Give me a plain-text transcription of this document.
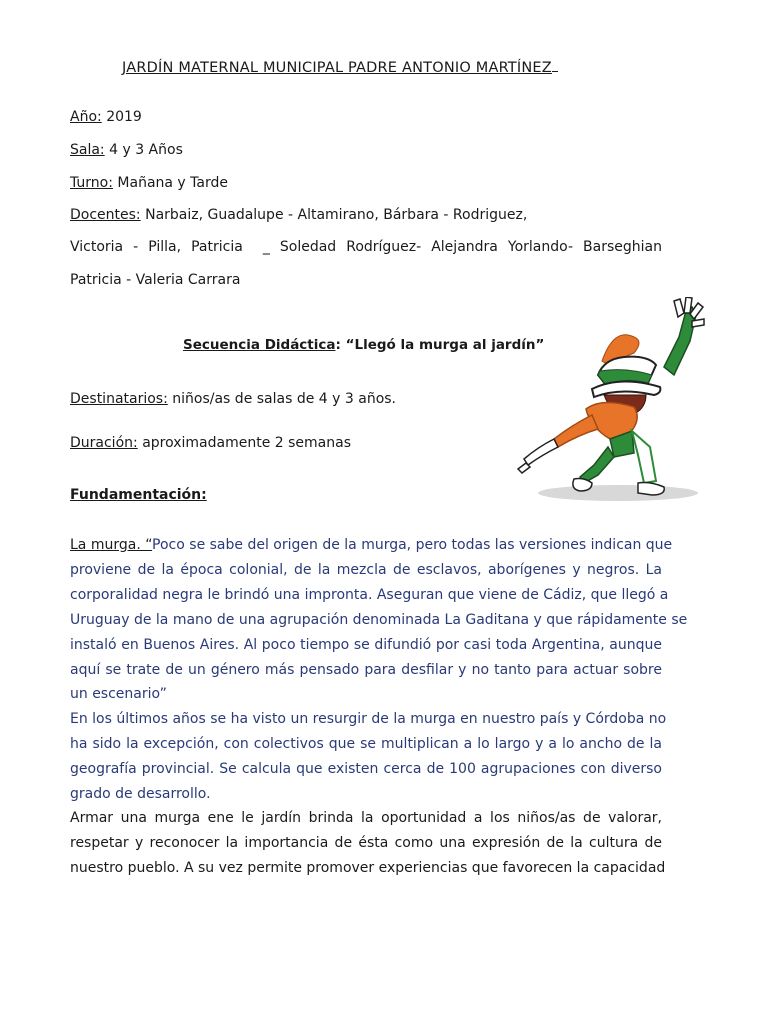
JARDÍN MATERNAL MUNICIPAL PADRE ANTONIO MARTÍNEZ
Año: 2019
Sala: 4 y 3 Años
Turno: Mañana y Tarde
Docentes: Narbaiz, Guadalupe - Altamirano, Bárbara - Rodriguez,
Victoria - Pilla, Patricia  _ Soledad Rodríguez- Alejandra Yorlando- Barseghian
Patricia - Valeria Carrara
Secuencia Didáctica: “Llegó la murga al jardín”
Destinatarios: niños/as de salas de 4 y 3 años.
Duración: aproximadamente 2 semanas
Fundamentación:
La murga. “Poco se sabe del origen de la murga, pero todas las versiones indican que
proviene de la época colonial, de la mezcla de esclavos, aborígenes y negros. La
corporalidad negra le brindó una impronta. Aseguran que viene de Cádiz, que llegó a
Uruguay de la mano de una agrupación denominada La Gaditana y que rápidamente se
instaló en Buenos Aires. Al poco tiempo se difundió por casi toda Argentina, aunque
aquí se trate de un género más pensado para desfilar y no tanto para actuar sobre
un escenario”
En los últimos años se ha visto un resurgir de la murga en nuestro país y Córdoba no
ha sido la excepción, con colectivos que se multiplican a lo largo y a lo ancho de la
geografía provincial. Se calcula que existen cerca de 100 agrupaciones con diverso
grado de desarrollo.
Armar una murga ene le jardín brinda la oportunidad a los niños/as de valorar,
respetar y reconocer la importancia de ésta como una expresión de la cultura de
nuestro pueblo. A su vez permite promover experiencias que favorecen la capacidad
